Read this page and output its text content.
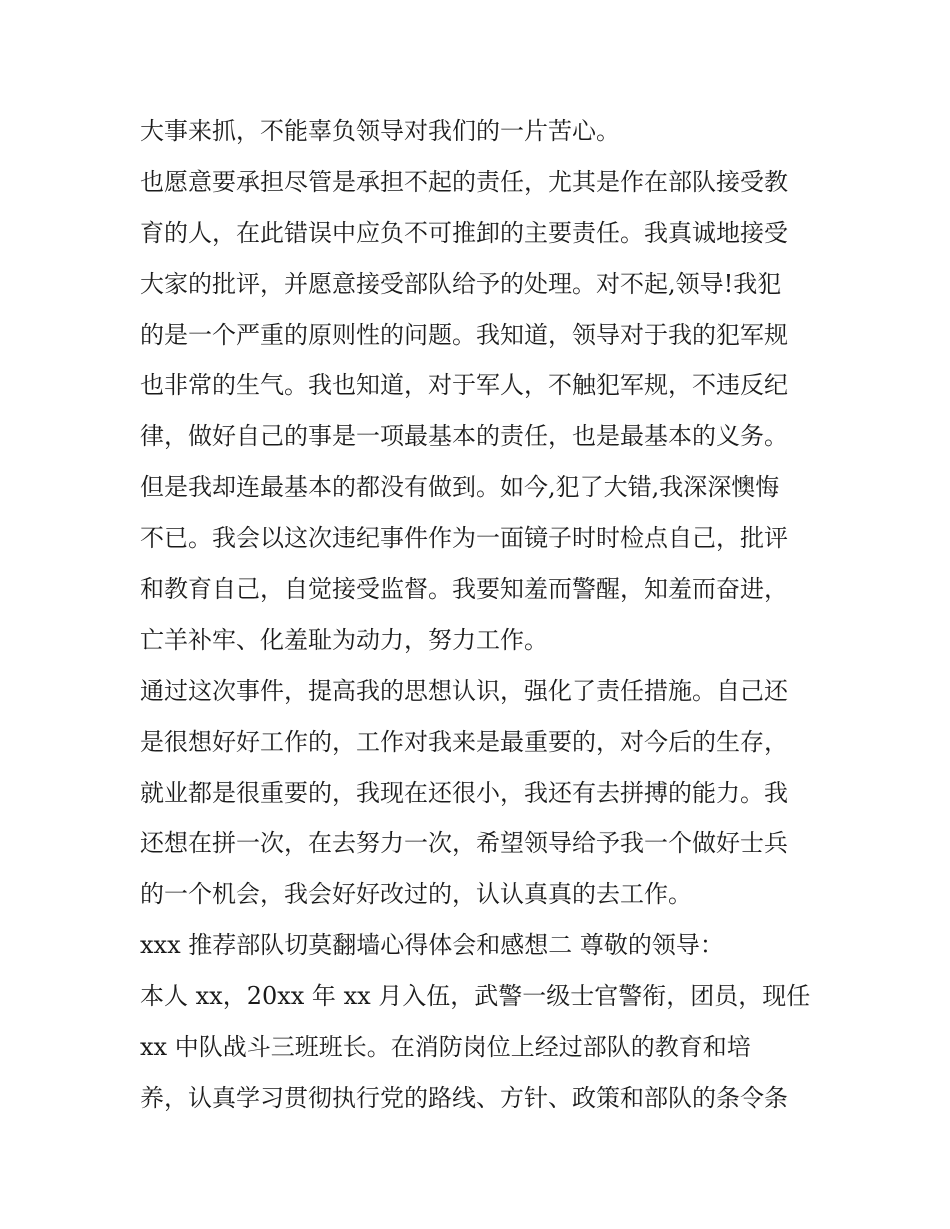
大事来抓，不能辜负领导对我们的一片苦心。
也愿意要承担尽管是承担不起的责任，尤其是作在部队接受教
育的人，在此错误中应负不可推卸的主要责任。我真诚地接受
大家的批评，并愿意接受部队给予的处理。对不起,领导!我犯
的是一个严重的原则性的问题。我知道，领导对于我的犯军规
也非常的生气。我也知道，对于军人，不触犯军规，不违反纪
律，做好自己的事是一项最基本的责任，也是最基本的义务。
但是我却连最基本的都没有做到。如今,犯了大错,我深深懊悔
不已。我会以这次违纪事件作为一面镜子时时检点自己，批评
和教育自己，自觉接受监督。我要知羞而警醒，知羞而奋进，
亡羊补牢、化羞耻为动力，努力工作。
通过这次事件，提高我的思想认识，强化了责任措施。自己还
是很想好好工作的，工作对我来是最重要的，对今后的生存，
就业都是很重要的，我现在还很小，我还有去拼搏的能力。我
还想在拼一次，在去努力一次，希望领导给予我一个做好士兵
的一个机会，我会好好改过的，认认真真的去工作。
xxx 推荐部队切莫翻墙心得体会和感想二 尊敬的领导：
本人 xx，20xx 年 xx 月入伍，武警一级士官警衔，团员，现任
xx 中队战斗三班班长。在消防岗位上经过部队的教育和培
养，认真学习贯彻执行党的路线、方针、政策和部队的条令条
